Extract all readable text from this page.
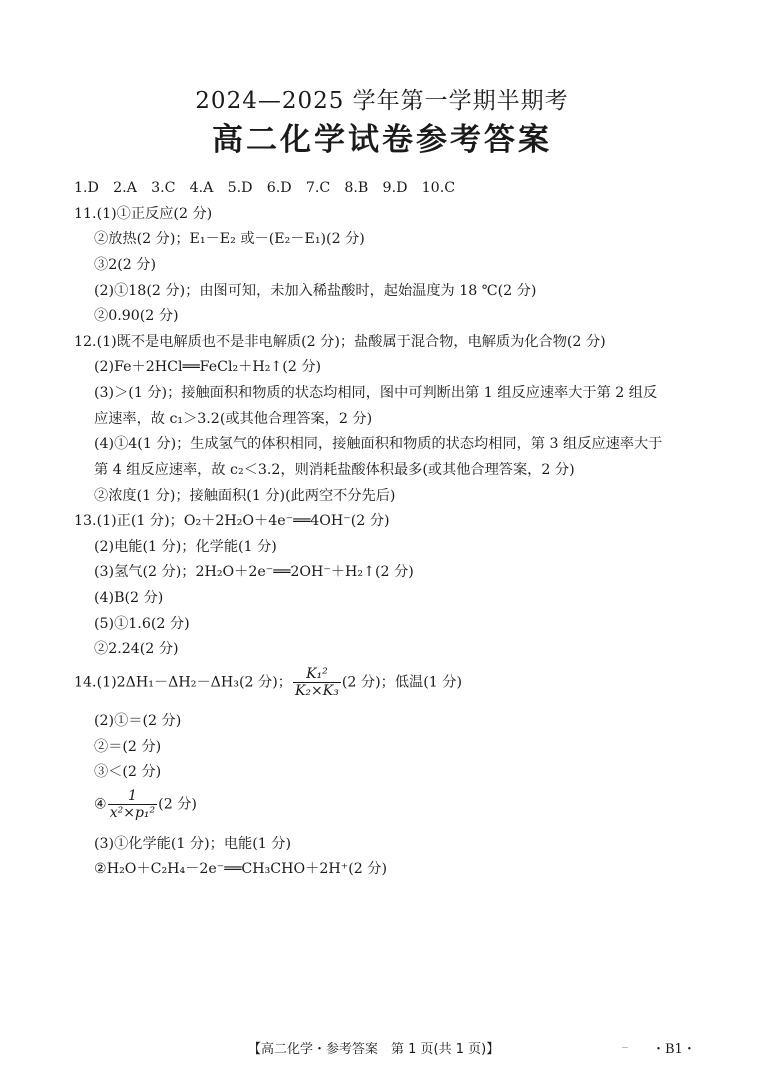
2024—2025 学年第一学期半期考
高二化学试卷参考答案
1.D　2.A　3.C　4.A　5.D　6.D　7.C　8.B　9.D　10.C
11.(1)①正反应(2 分)
②放热(2 分)；E₁－E₂ 或－(E₂－E₁)(2 分)
③2(2 分)
(2)①18(2 分)；由图可知，未加入稀盐酸时，起始温度为 18 ℃(2 分)
②0.90(2 分)
12.(1)既不是电解质也不是非电解质(2 分)；盐酸属于混合物，电解质为化合物(2 分)
(2)Fe＋2HCl══FeCl₂＋H₂↑(2 分)
(3)＞(1 分)；接触面积和物质的状态均相同，图中可判断出第 1 组反应速率大于第 2 组反
应速率，故 c₁＞3.2(或其他合理答案，2 分)
(4)①4(1 分)；生成氢气的体积相同，接触面积和物质的状态均相同，第 3 组反应速率大于
第 4 组反应速率，故 c₂＜3.2，则消耗盐酸体积最多(或其他合理答案，2 分)
②浓度(1 分)；接触面积(1 分)(此两空不分先后)
13.(1)正(1 分)；O₂＋2H₂O＋4e⁻══4OH⁻(2 分)
(2)电能(1 分)；化学能(1 分)
(3)氢气(2 分)；2H₂O＋2e⁻══2OH⁻＋H₂↑(2 分)
(4)B(2 分)
(5)①1.6(2 分)
②2.24(2 分)
14.(1)2ΔH₁－ΔH₂－ΔH₃(2 分)； $\frac{\text{K₁²}}{\text{K₂×K₃}} (2$ 分)；低温(1 分)
(2)①＝(2 分)
②＝(2 分)
③＜(2 分)
④ $\frac{1}{\text{x²×p₁²}} (2$ 分)
(3)①化学能(1 分)；电能(1 分)
②H₂O＋C₂H₄－2e⁻══CH₃CHO＋2H⁺(2 分)
【高二化学・参考答案　第 1 页(共 1 页)】	・B1・
